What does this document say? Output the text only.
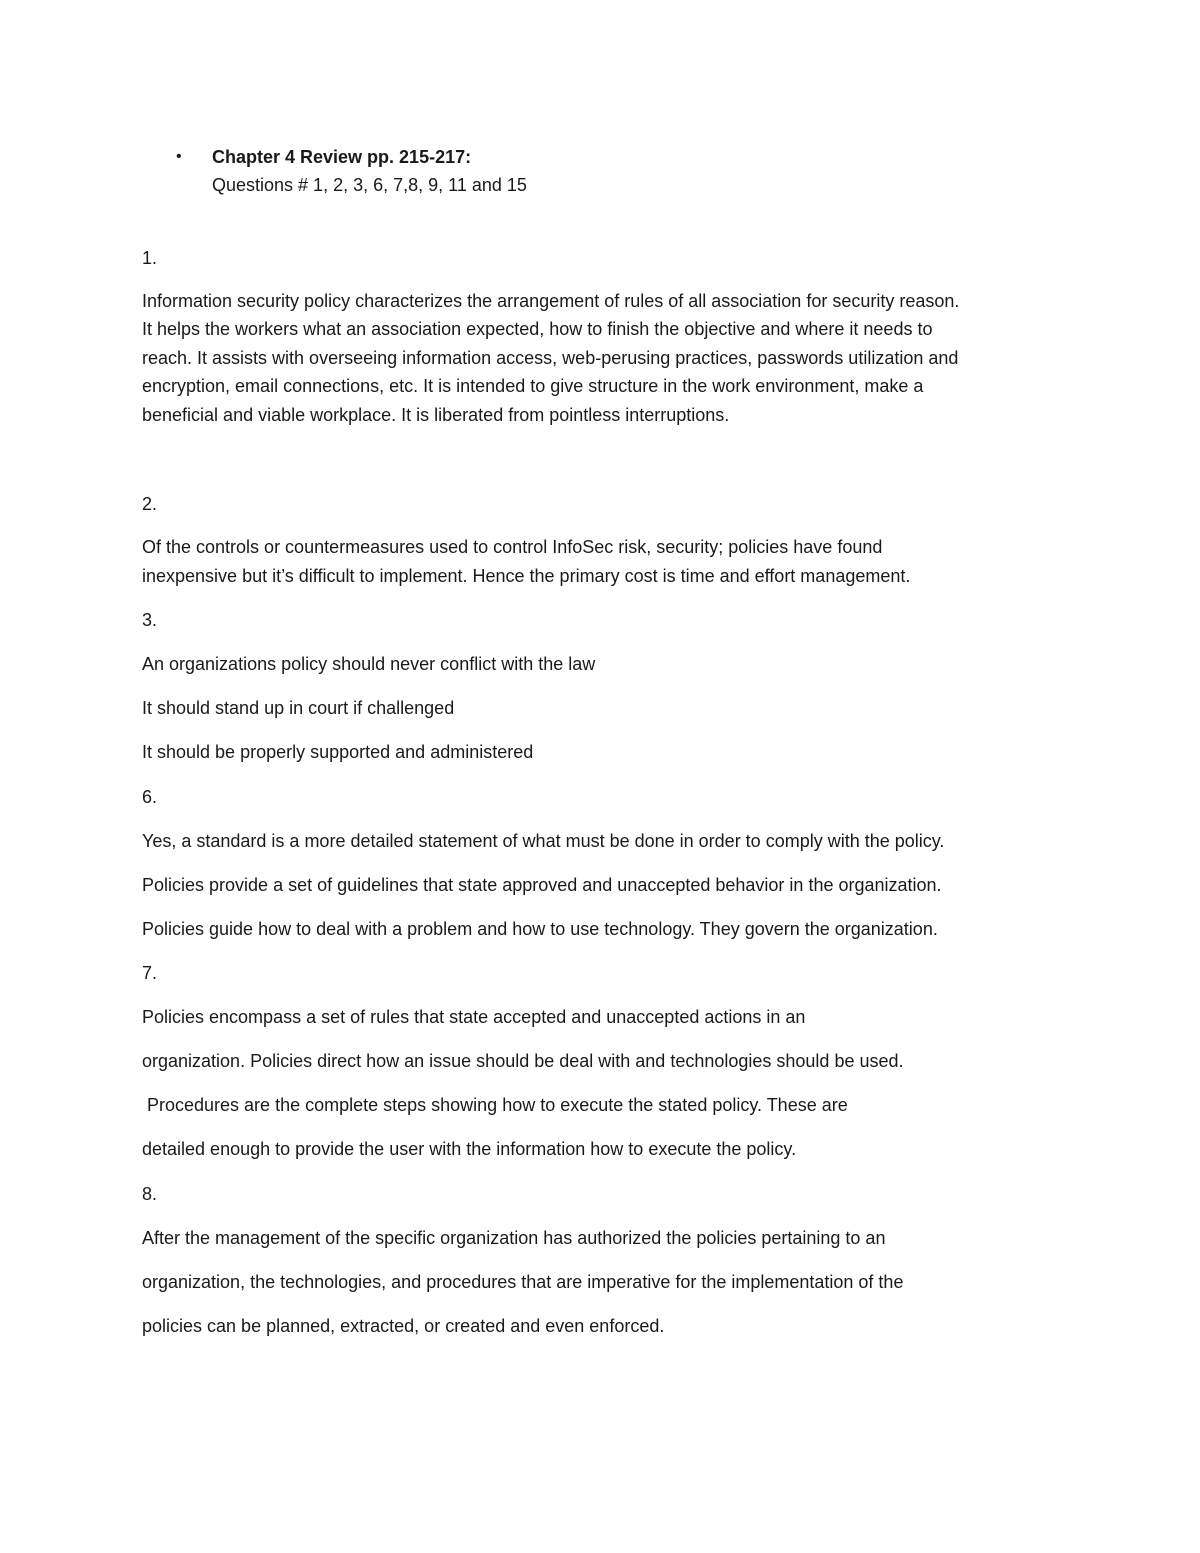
• Chapter 4 Review pp. 215-217:

Questions # 1, 2, 3, 6, 7,8, 9, 11 and 15

1.

Information security policy characterizes the arrangement of rules of all association for security reason.

It helps the workers what an association expected, how to finish the objective and where it needs to

reach. It assists with overseeing information access, web-perusing practices, passwords utilization and

encryption, email connections, etc. It is intended to give structure in the work environment, make a

beneficial and viable workplace. It is liberated from pointless interruptions.

2.

Of the controls or countermeasures used to control InfoSec risk, security; policies have found

inexpensive but it’s difficult to implement. Hence the primary cost is time and effort management.

3.

An organizations policy should never conflict with the law

It should stand up in court if challenged

It should be properly supported and administered

6.

Yes, a standard is a more detailed statement of what must be done in order to comply with the policy.

Policies provide a set of guidelines that state approved and unaccepted behavior in the organization.

Policies guide how to deal with a problem and how to use technology. They govern the organization.

7.

Policies encompass a set of rules that state accepted and unaccepted actions in an

organization. Policies direct how an issue should be deal with and technologies should be used.

Procedures are the complete steps showing how to execute the stated policy. These are

detailed enough to provide the user with the information how to execute the policy.

8.

After the management of the specific organization has authorized the policies pertaining to an

organization, the technologies, and procedures that are imperative for the implementation of the

policies can be planned, extracted, or created and even enforced.
